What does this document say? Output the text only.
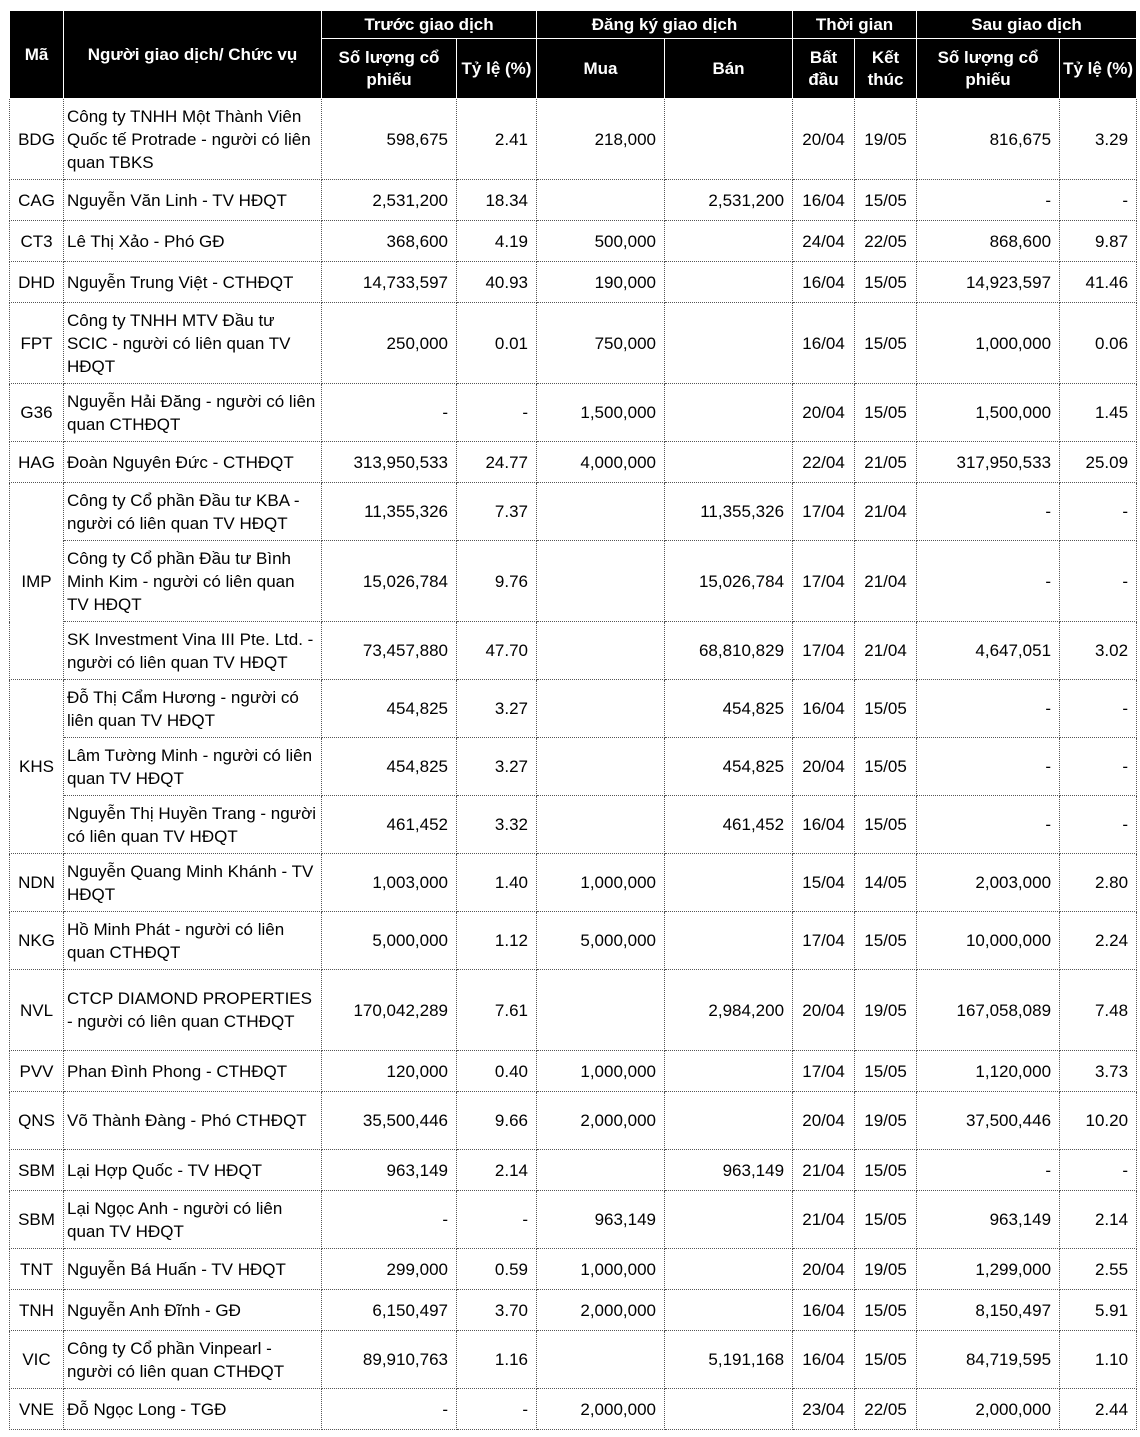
Mã	Người giao dịch/ Chức vụ	Trước giao dịch		Đăng ký giao dịch		Thời gian		Sau giao dịch	
		Số lượng cổ phiếu	Tỷ lệ (%)	Mua	Bán	Bất đầu	Kết thúc	Số lượng cổ phiếu	Tỷ lệ (%)
BDG	Công ty TNHH Một Thành Viên Quốc tế Protrade - người có liên quan TBKS	598,675	2.41	218,000		20/04	19/05	816,675	3.29
CAG	Nguyễn Văn Linh - TV HĐQT	2,531,200	18.34		2,531,200	16/04	15/05	-	-
CT3	Lê Thị Xảo - Phó GĐ	368,600	4.19	500,000		24/04	22/05	868,600	9.87
DHD	Nguyễn Trung Việt - CTHĐQT	14,733,597	40.93	190,000		16/04	15/05	14,923,597	41.46
FPT	Công ty TNHH MTV Đầu tư SCIC - người có liên quan TV HĐQT	250,000	0.01	750,000		16/04	15/05	1,000,000	0.06
G36	Nguyễn Hải Đăng - người có liên quan CTHĐQT	-	-	1,500,000		20/04	15/05	1,500,000	1.45
HAG	Đoàn Nguyên Đức - CTHĐQT	313,950,533	24.77	4,000,000		22/04	21/05	317,950,533	25.09
IMP	Công ty Cổ phần Đầu tư KBA - người có liên quan TV HĐQT	11,355,326	7.37		11,355,326	17/04	21/04	-	-
	Công ty Cổ phần Đầu tư Bình Minh Kim - người có liên quan TV HĐQT	15,026,784	9.76		15,026,784	17/04	21/04	-	-
	SK Investment Vina III Pte. Ltd. - người có liên quan TV HĐQT	73,457,880	47.70		68,810,829	17/04	21/04	4,647,051	3.02
KHS	Đỗ Thị Cẩm Hương - người có liên quan TV HĐQT	454,825	3.27		454,825	16/04	15/05	-	-
	Lâm Tường Minh - người có liên quan TV HĐQT	454,825	3.27		454,825	20/04	15/05	-	-
	Nguyễn Thị Huyền Trang - người có liên quan TV HĐQT	461,452	3.32		461,452	16/04	15/05	-	-
NDN	Nguyễn Quang Minh Khánh - TV HĐQT	1,003,000	1.40	1,000,000		15/04	14/05	2,003,000	2.80
NKG	Hồ Minh Phát - người có liên quan CTHĐQT	5,000,000	1.12	5,000,000		17/04	15/05	10,000,000	2.24
NVL	CTCP DIAMOND PROPERTIES - người có liên quan CTHĐQT	170,042,289	7.61		2,984,200	20/04	19/05	167,058,089	7.48
PVV	Phan Đình Phong - CTHĐQT	120,000	0.40	1,000,000		17/04	15/05	1,120,000	3.73
QNS	Võ Thành Đàng - Phó CTHĐQT	35,500,446	9.66	2,000,000		20/04	19/05	37,500,446	10.20
SBM	Lại Hợp Quốc - TV HĐQT	963,149	2.14		963,149	21/04	15/05	-	-
SBM	Lại Ngọc Anh - người có liên quan TV HĐQT	-	-	963,149		21/04	15/05	963,149	2.14
TNT	Nguyễn Bá Huấn - TV HĐQT	299,000	0.59	1,000,000		20/04	19/05	1,299,000	2.55
TNH	Nguyễn Anh Đĩnh - GĐ	6,150,497	3.70	2,000,000		16/04	15/05	8,150,497	5.91
VIC	Công ty Cổ phần Vinpearl - người có liên quan CTHĐQT	89,910,763	1.16		5,191,168	16/04	15/05	84,719,595	1.10
VNE	Đỗ Ngọc Long - TGĐ	-	-	2,000,000		23/04	22/05	2,000,000	2.44
